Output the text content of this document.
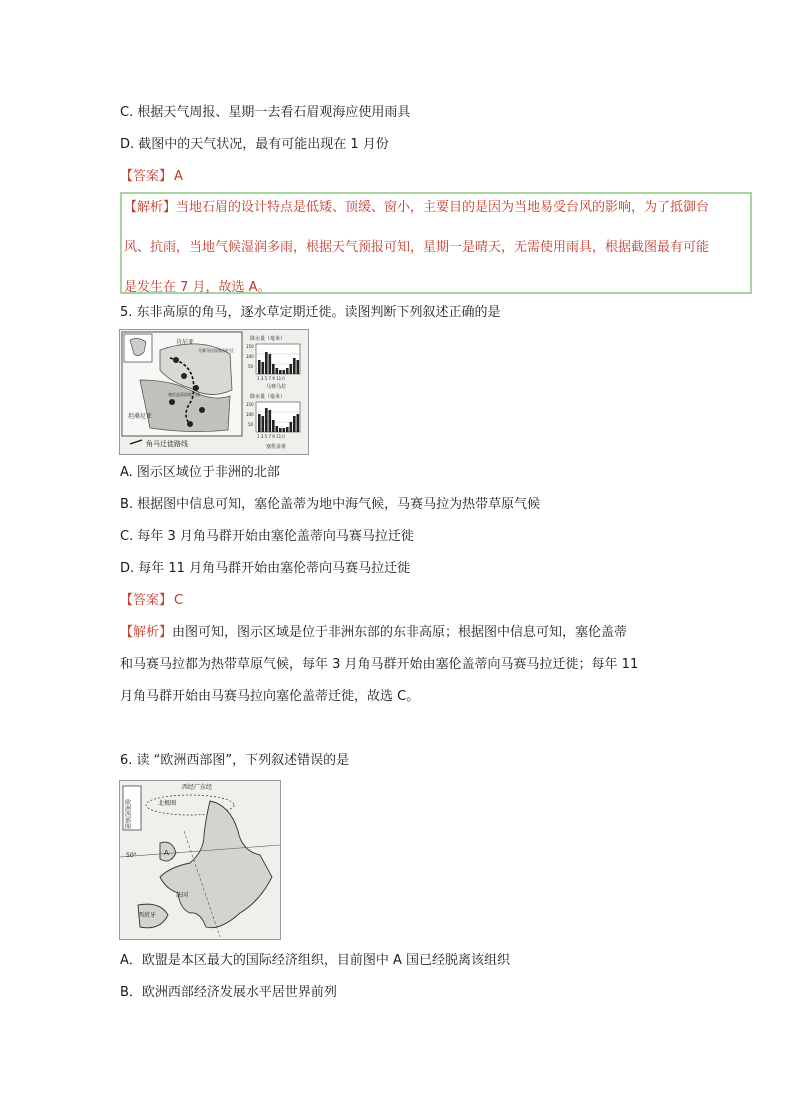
C. 根据天气周报、星期一去看石眉观海应使用雨具
D. 截图中的天气状况，最有可能出现在 1 月份
【答案】 A
【解析】当地石眉的设计特点是低矮、顶缓、窗小，主要目的是因为当地易受台风的影响，为了抵御台
风、抗雨，当地气候湿润多雨，根据天气预报可知，星期一是晴天，无需使用雨具，根据截图最有可能
是发生在 7 月，故选 A。
5. 东非高原的角马，逐水草定期迁徙。读图判断下列叙述正确的是
肯尼亚
马赛马拉国家保护区
塞伦盖蒂国家公园
坦桑尼亚
角马迁徙路线
降水量（毫米）
150
100
50
1 3 5 7 9 11月
马赛马拉
降水量（毫米）
150
100
50
1 3 5 7 9 11月
塞伦盖蒂
A. 图示区域位于非洲的北部
B. 根据图中信息可知，塞伦盖蒂为地中海气候，马赛马拉为热带草原气候
C. 每年 3 月角马群开始由塞伦盖蒂向马赛马拉迁徙
D. 每年 11 月角马群开始由塞伦蒂向马赛马拉迁徙
【答案】 C
【解析】由图可知，图示区域是位于非洲东部的东非高原；根据图中信息可知，塞伦盖蒂
和马赛马拉都为热带草原气候，每年 3 月角马群开始由塞伦盖蒂向马赛马拉迁徙；每年 11
月角马群开始由马赛马拉向塞伦盖蒂迁徙，故选 C。
6. 读 “欧洲西部图”，下列叙述错误的是
欧洲西部图
西经广东经
北极圈
50°	A
法国
西班牙
A．欧盟是本区最大的国际经济组织，目前图中 A 国已经脱离该组织
B．欧洲西部经济发展水平居世界前列
